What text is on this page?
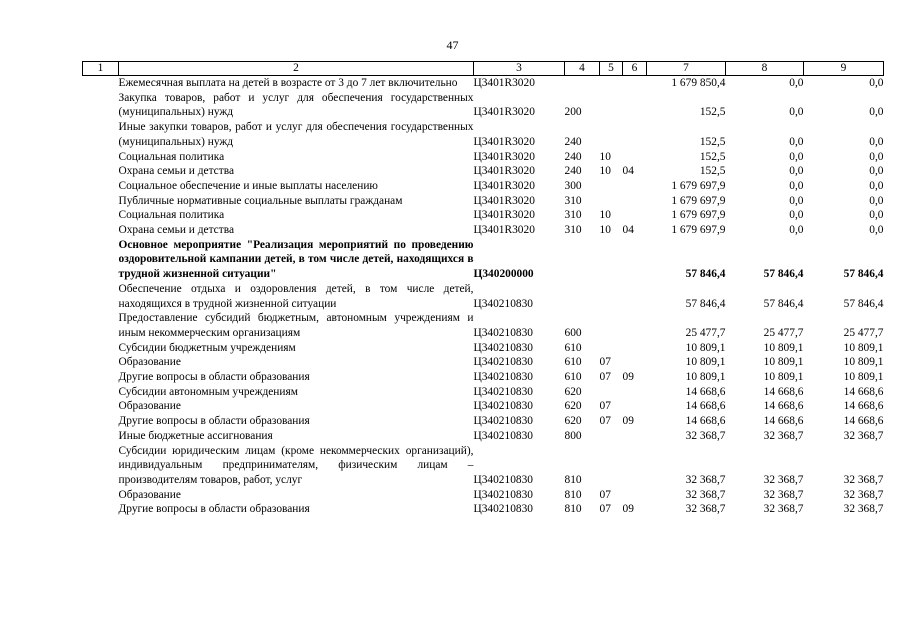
47
1	2	3	4	5	6	7	8	9
	Ежемесячная выплата на детей в возрасте от 3 до 7 лет включительно	Ц3401R3020				1 679 850,4	0,0	0,0
	Закупка товаров, работ и услуг для обеспечения государственных (муниципальных) нужд	Ц3401R3020	200			152,5	0,0	0,0
	Иные закупки товаров, работ и услуг для обеспечения государственных (муниципальных) нужд	Ц3401R3020	240			152,5	0,0	0,0
	Социальная политика	Ц3401R3020	240	10		152,5	0,0	0,0
	Охрана семьи и детства	Ц3401R3020	240	10	04	152,5	0,0	0,0
	Социальное обеспечение и иные выплаты населению	Ц3401R3020	300			1 679 697,9	0,0	0,0
	Публичные нормативные социальные выплаты гражданам	Ц3401R3020	310			1 679 697,9	0,0	0,0
	Социальная политика	Ц3401R3020	310	10		1 679 697,9	0,0	0,0
	Охрана семьи и детства	Ц3401R3020	310	10	04	1 679 697,9	0,0	0,0
	Основное мероприятие "Реализация мероприятий по проведению оздоровительной кампании детей, в том числе детей, находящихся в трудной жизненной ситуации"	Ц340200000				57 846,4	57 846,4	57 846,4
	Обеспечение отдыха и оздоровления детей, в том числе детей, находящихся в трудной жизненной ситуации	Ц340210830				57 846,4	57 846,4	57 846,4
	Предоставление субсидий бюджетным, автономным учреждениям и иным некоммерческим организациям	Ц340210830	600			25 477,7	25 477,7	25 477,7
	Субсидии бюджетным учреждениям	Ц340210830	610			10 809,1	10 809,1	10 809,1
	Образование	Ц340210830	610	07		10 809,1	10 809,1	10 809,1
	Другие вопросы в области образования	Ц340210830	610	07	09	10 809,1	10 809,1	10 809,1
	Субсидии автономным учреждениям	Ц340210830	620			14 668,6	14 668,6	14 668,6
	Образование	Ц340210830	620	07		14 668,6	14 668,6	14 668,6
	Другие вопросы в области образования	Ц340210830	620	07	09	14 668,6	14 668,6	14 668,6
	Иные бюджетные ассигнования	Ц340210830	800			32 368,7	32 368,7	32 368,7
	Субсидии юридическим лицам (кроме некоммерческих организаций), индивидуальным предпринимателям, физическим лицам – производителям товаров, работ, услуг	Ц340210830	810			32 368,7	32 368,7	32 368,7
	Образование	Ц340210830	810	07		32 368,7	32 368,7	32 368,7
	Другие вопросы в области образования	Ц340210830	810	07	09	32 368,7	32 368,7	32 368,7
